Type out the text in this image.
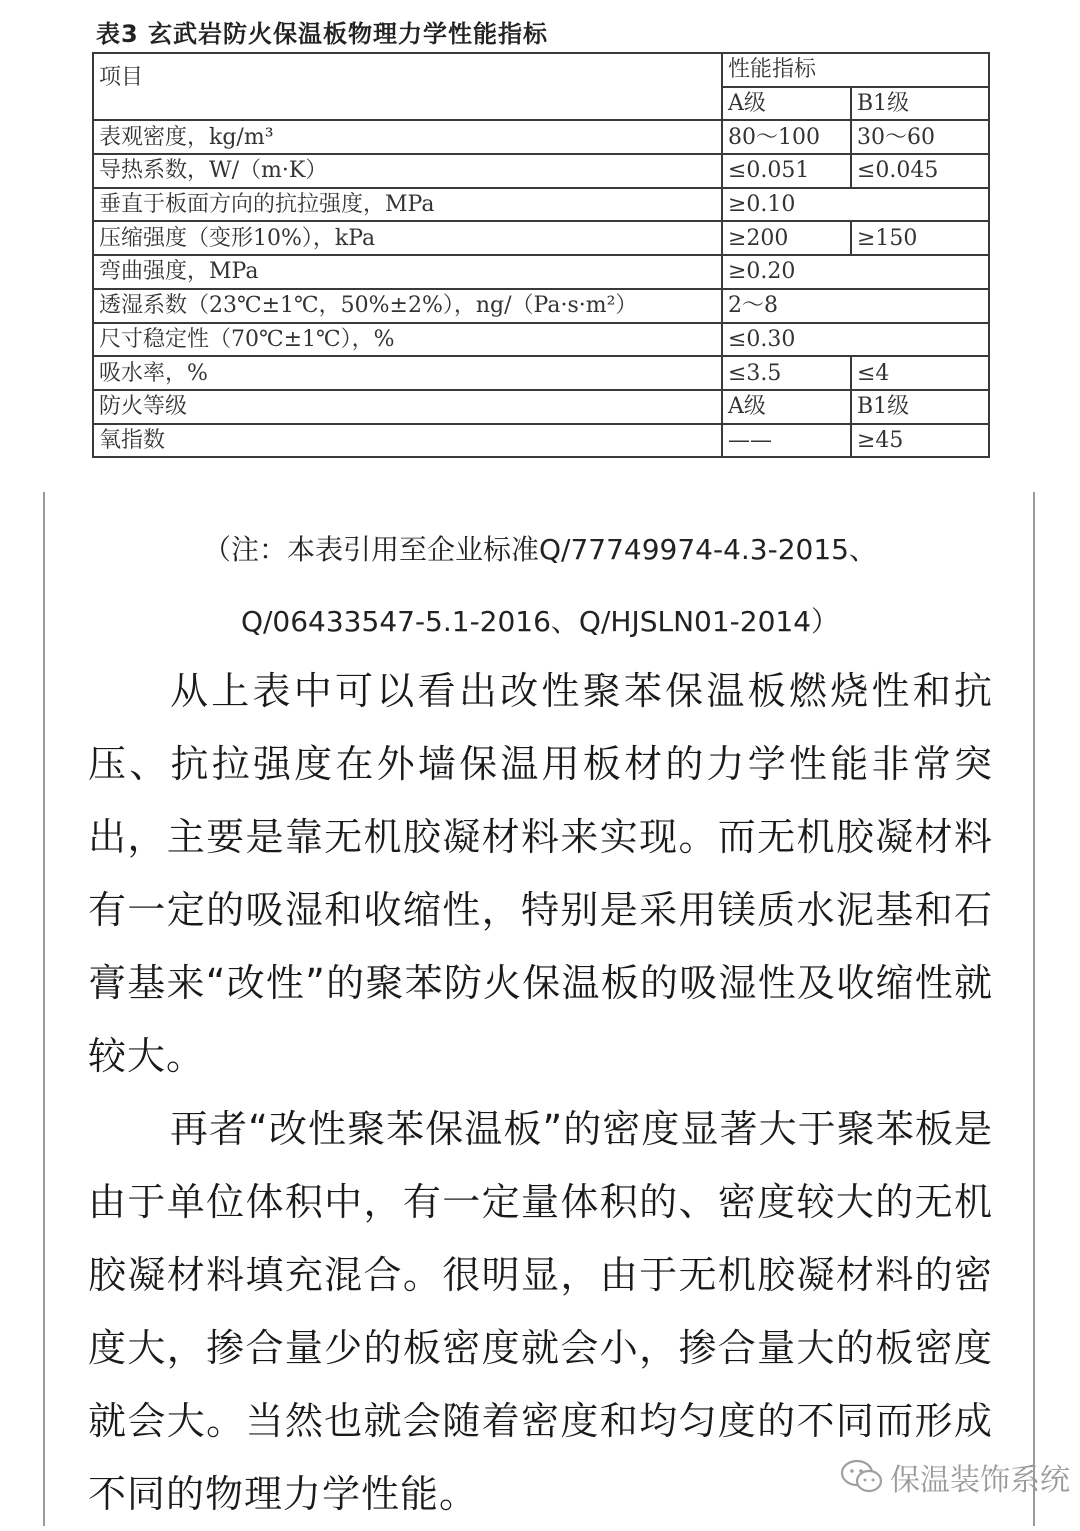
表3 玄武岩防火保温板物理力学性能指标
项目	性能指标	
	A级	B1级
表观密度，kg/m³	80～100	30～60
导热系数，W/（m·K）	≤0.051	≤0.045
垂直于板面方向的抗拉强度，MPa	≥0.10	
压缩强度（变形10%），kPa	≥200	≥150
弯曲强度，MPa	≥0.20	
透湿系数（23℃±1℃，50%±2%），ng/（Pa·s·m²）	2～8	
尺寸稳定性（70℃±1℃），%	≤0.30	
吸水率，%	≤3.5	≤4
防火等级	A级	B1级
氧指数	——	≥45
（注：本表引用至企业标准Q/77749974-4.3-2015、
Q/06433547-5.1-2016、Q/HJSLN01-2014）

从上表中可以看出改性聚苯保温板燃烧性和抗压、抗拉强度在外墙保温用板材的力学性能非常突出，主要是靠无机胶凝材料来实现。而无机胶凝材料有一定的吸湿和收缩性，特别是采用镁质水泥基和石膏基来“改性”的聚苯防火保温板的吸湿性及收缩性就较大。

再者“改性聚苯保温板”的密度显著大于聚苯板是由于单位体积中，有一定量体积的、密度较大的无机胶凝材料填充混合。很明显，由于无机胶凝材料的密度大，掺合量少的板密度就会小，掺合量大的板密度就会大。当然也就会随着密度和均匀度的不同而形成不同的物理力学性能。	保温装饰系统
